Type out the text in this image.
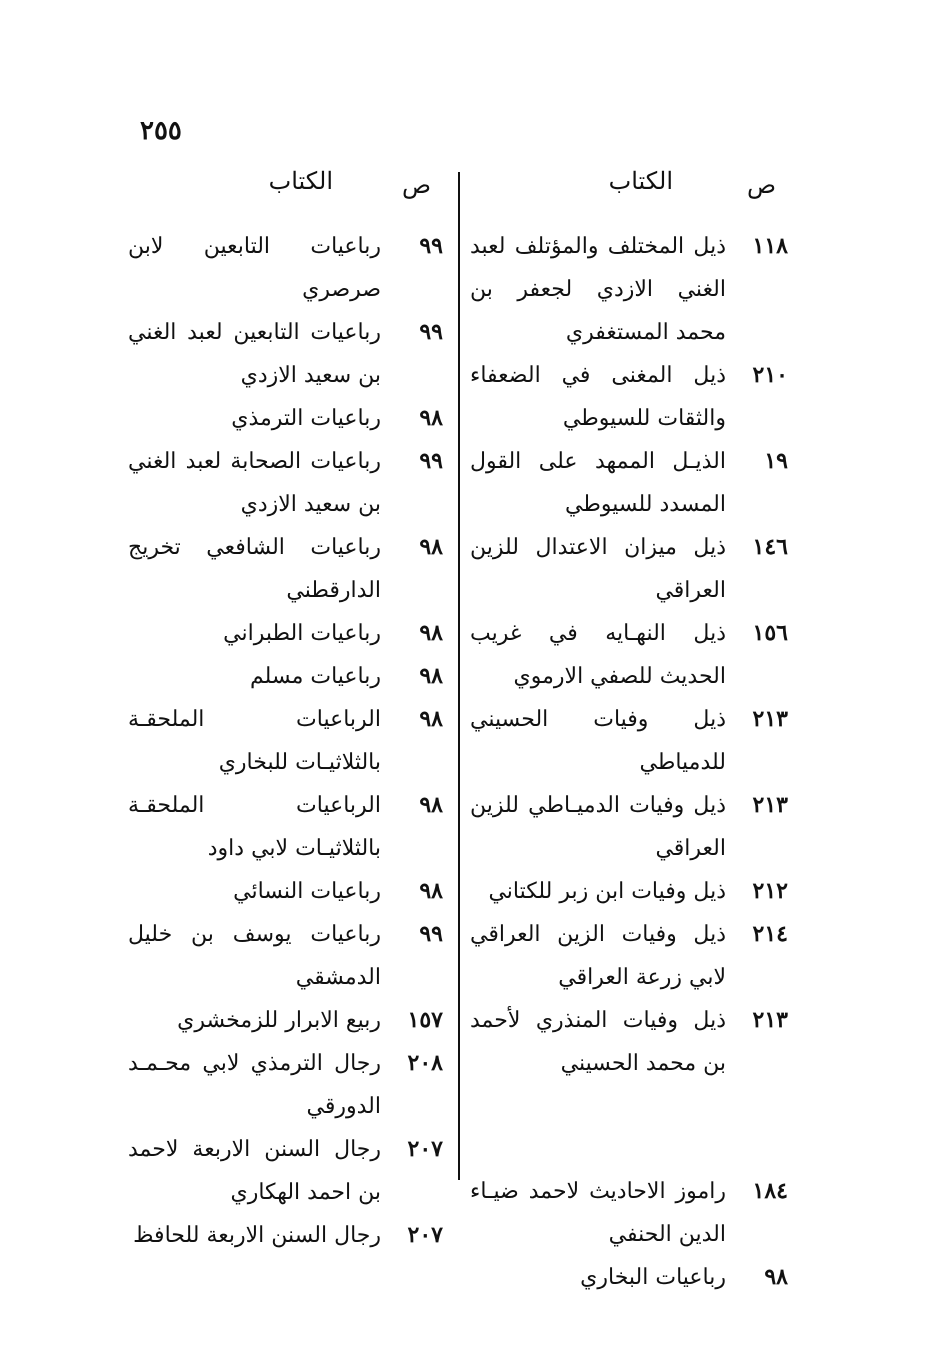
٢٥٥
ص
الكتاب
١١٨
ذيل المختلف والمؤتلف لعبد الغني الازدي لجعفر بن محمد المستغفري
٢١٠
ذيل المغنى في الضعفاء والثقات للسيوطي
١٩
الذيـل الممهد على القول المسدد للسيوطي
١٤٦
ذيل ميزان الاعتدال للزين العراقي
١٥٦
ذيل النهـايه في غريب الحديث للصفي الارموي
٢١٣
ذيل وفيات الحسيني للدمياطي
٢١٣
ذيل وفيات الدميـاطي للزين العراقي
٢١٢
ذيل وفيات ابن زبر للكتاني
٢١٤
ذيل وفيات الزين العراقي لابي زرعة العراقي
٢١٣
ذيل وفيات المنذري لأحمد بن محمد الحسيني
١٨٤
راموز الاحاديث لاحمد ضيـاء الدين الحنفي
٩٨
رباعيات البخاري
ص
الكتاب
٩٩
رباعيات التابعين لابن صرصري
٩٩
رباعيات التابعين لعبد الغني بن سعيد الازدي
٩٨
رباعيات الترمذي
٩٩
رباعيات الصحابة لعبد الغني بن سعيد الازدي
٩٨
رباعيات الشافعي تخريج الدارقطني
٩٨
رباعيات الطبراني
٩٨
رباعيات مسلم
٩٨
الرباعيات الملحقـة بالثلاثيـات للبخاري
٩٨
الرباعيات الملحقـة بالثلاثيـات لابي داود
٩٨
رباعيات النسائي
٩٩
رباعيات يوسف بن خليل الدمشقي
١٥٧
ربيع الابرار للزمخشري
٢٠٨
رجال الترمذي لابي محـمـد الدورقي
٢٠٧
رجال السنن الاربعة لاحمد بن احمد الهكاري
٢٠٧
رجال السنن الاربعة للحافظ
